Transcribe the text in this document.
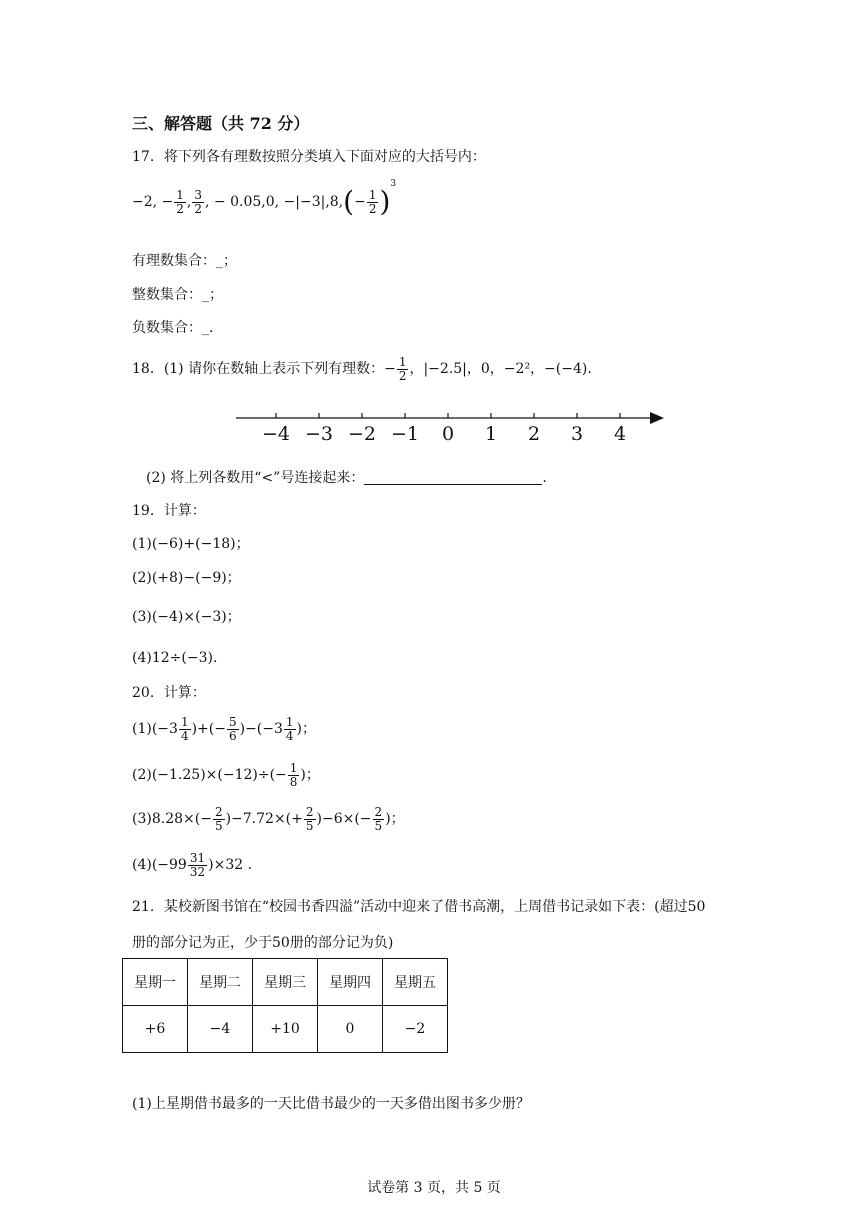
三、解答题（共 72 分）
17．将下列各有理数按照分类填入下面对应的大括号内：
−2, − $\frac{1}{2}$ , $\frac{3}{2}$ , − 0.05,0, $-|-3|,8,(- \frac{1}{2} )^3$
有理数集合：_；
整数集合：_；
负数集合：_.
18．(1) 请你在数轴上表示下列有理数：− $\frac{1}{2}$ ，|−2.5|，0，−2²，−(−4).
−4 −3 −2 −1 0 1 2 3 4
(2) 将上列各数用“<”号连接起来：	.
19．计算：
(1)(−6)+(−18)；
(2)(+8)−(−9)；
(3)(−4)×(−3)；
(4)12÷(−3).
20．计算：
$(1)(-3 \frac{1}{4}$ )+(− $\frac{5}{6} )-(-3 \frac{1}{4}$ )；
$(2)(-1.25)\times(-12)\div(- \frac{1}{8}$ )；
$(3)8.28\times(- \frac{2}{5} )-7.72\times(+ \frac{2}{5} )-6\times(- \frac{2}{5}$ )；
$(4)(-99 \frac{31}{32} )\times 32$ .
21．某校新图书馆在“校园书香四溢”活动中迎来了借书高潮，上周借书记录如下表：(超过50
册的部分记为正，少于50册的部分记为负)
星期一	星期二	星期三	星期四	星期五
+6	−4	+10	0	−2
(1)上星期借书最多的一天比借书最少的一天多借出图书多少册？
试卷第 3 页，共 5 页
